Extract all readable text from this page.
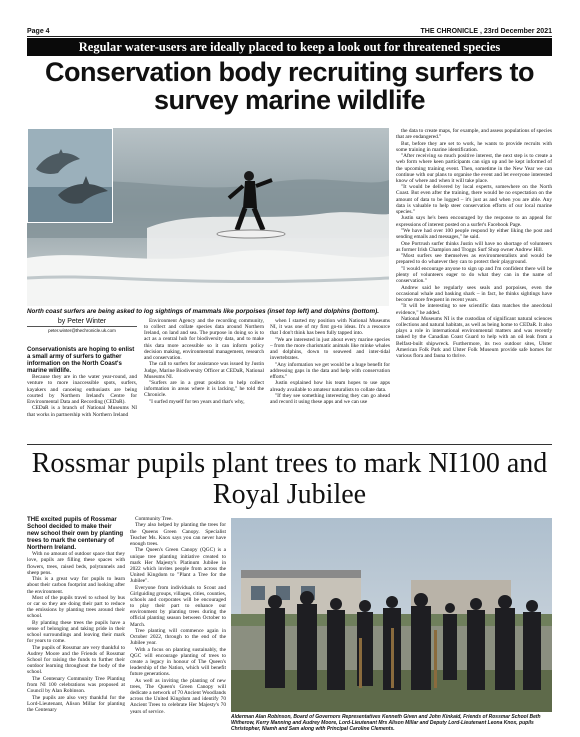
Page 4	THE CHRONICLE , 23rd December 2021
Regular water-users are ideally placed to keep a look out for threatened species
Conservation body recruiting surfers to survey marine wildlife
North coast surfers are being asked to log sightings of mammals like porpoises (inset top left) and dolphins (bottom).
by Peter Winter
peter.winter@thechronicle.uk.com

Conservationists are hoping to enlist a small army of surfers to gather information on the North Coast's marine wildlife.

Because they are in the water year-round, and venture to more inaccessible spots, surfers, kayakers and canoeing enthusiasts are being courted by Northern Ireland's Centre for Environmental Data and Recording (CEDaR).

CEDaR is a branch of National Museums NI that works in partnership with Northern Ireland

Environment Agency and the recording community, to collect and collate species data around Northern Ireland, on land and sea. The purpose in doing so is to act as a central hub for biodiversity data, and to make this data more accessible so it can inform policy decision making, environmental management, research and conservation.

The call to surfers for assistance was issued by Justin Judge, Marine Biodiversity Officer at CEDaR, National Museums NI.

"Surfers are in a great position to help collect information in areas where it is lacking," he told the Chronicle.

"I surfed myself for ten years and that's why,

when I started my position with National Museums NI, it was one of my first go-to ideas. It's a resource that I don't think has been fully tapped into.

"We are interested in just about every marine species – from the more charismatic animals like minke whales and dolphins, down to seaweed and inter-tidal invertebrates.

"Any information we get would be a huge benefit for addressing gaps in the data and help with conservation efforts."

Justin explained how his team hopes to use apps already available to amateur naturalists to collate data.

"If they see something interesting they can go ahead and record it using these apps and we can use

the data to create maps, for example, and assess populations of species that are endangered."

But, before they are set to work, he wants to provide recruits with some training in marine identification.

"After receiving so much positive interest, the next step is to create a web form where keen participants can sign up and be kept informed of the upcoming training event. Then, sometime in the New Year we can continue with our plans to organise the event and let everyone interested know of where and when it will take place.

"It would be delivered by local experts, somewhere on the North Coast. But even after the training, there would be no expectation on the amount of data to be logged – it's just as and when you are able. Any data is valuable to help steer conservation efforts of our local marine species."

Justin says he's been encouraged by the response to an appeal for expressions of interest posted on a surfer's Facebook Page.

"We have had over 100 people respond by either liking the post and sending emails and messages," he said.

One Portrush surfer thinks Justin will have no shortage of volunteers as former Irish Champion and Troggs Surf Shop owner Andrew Hill.

"Most surfers see themselves as environmentalists and would be prepared to do whatever they can to protect their playground.

"I would encourage anyone to sign up and I'm confident there will be plenty of volunteers eager to do what they can in the name of conservation."

Andrew said he regularly sees seals and porpoises, even the occasional whale and basking shark – in fact, he thinks sightings have become more frequent in recent years.

"It will be interesting to see scientific data matches the anecdotal evidence," he added.

National Museums NI is the custodian of significant natural sciences collections and natural habitats, as well as being home to CEDaR. It also plays a role in international environmental matters and was recently tasked by the Canadian Coast Guard to help with an oil leak from a Belfast-built shipwreck. Furthermore, its two outdoor sites, Ulster American Folk Park and Ulster Folk Museum provide safe homes for various flora and fauna to thrive.

Rossmar pupils plant trees to mark NI100 and Royal Jubilee

THE excited pupils of Rossmar School decided to make their new school their own by planting trees to mark the centenary of Northern Ireland.

With no amount of outdoor space that they love, pupils are filling these spaces with flowers, trees, raised beds, polytunnels and sheep pens.

This is a great way for pupils to learn about their carbon footprint and looking after the environment.

Most of the pupils travel to school by bus or car so they are doing their part to reduce the emissions by planting trees around their school.

By planting these trees the pupils have a sense of belonging and taking pride in their school surroundings and leaving their mark for years to come.

The pupils of Rossmar are very thankful to Audrey Moore and the Friends of Rossmar School for raising the funds to further their outdoor learning throughout the body of the school.

The Centenary Community Tree Planting from NI 100 celebrations was proposed at Council by Alan Robinson.

The pupils are also very thankful for the Lord-Lieutenant, Alison Millar for planting the Centenary

Community Tree.

They also helped by planting the trees for the Queens Green Canopy. Specialist Teacher Ms. Knox says you can never have enough trees.

The Queen's Green Canopy (QGC) is a unique tree planting initiative created to mark Her Majesty's Platinum Jubilee in 2022 which invites people from across the United Kingdom to "Plant a Tree for the Jubilee".

Everyone from individuals to Scout and Girlguiding groups, villages, cities, counties, schools and corporates will be encouraged to play their part to enhance our environment by planting trees during the official planting season between October to March.

Tree planting will commence again in October 2022, through to the end of the Jubilee year.

With a focus on planting sustainably, the QGC will encourage planting of trees to create a legacy in honour of The Queen's leadership of the Nation, which will benefit future generations.

As well as inviting the planting of new trees, The Queen's Green Canopy will dedicate a network of 70 Ancient Woodlands across the United Kingdom and identify 70 Ancient Trees to celebrate Her Majesty's 70 years of service.

Alderman Alan Robinson, Board of Governors Representatives Kenneth Given and John Kinkaid, Friends of Rossmar School Beth Witherow, Kerry Manning and Audrey Moore, Lord-Lieutenant Mrs Alison Millar and Deputy Lord-Lieutenant Leona Knox, pupils Christopher, Niamh and Sam along with Principal Caroline Clements.
